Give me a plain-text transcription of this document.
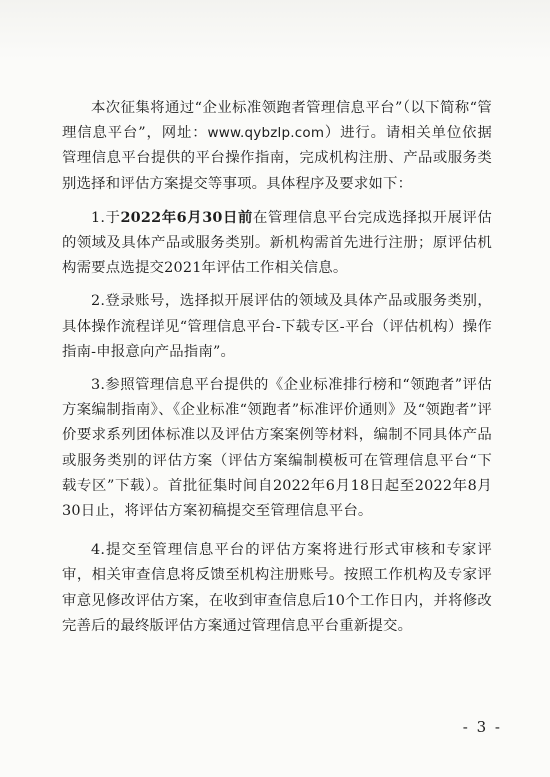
本次征集将通过“企业标准领跑者管理信息平台”（以下简称“管理信息平台”，网址：www.qybzlp.com）进行。请相关单位依据管理信息平台提供的平台操作指南，完成机构注册、产品或服务类别选择和评估方案提交等事项。具体程序及要求如下：

1.于2022年6月30日前在管理信息平台完成选择拟开展评估的领域及具体产品或服务类别。新机构需首先进行注册；原评估机构需要点选提交2021年评估工作相关信息。

2.登录账号，选择拟开展评估的领域及具体产品或服务类别，具体操作流程详见“管理信息平台-下载专区-平台（评估机构）操作指南-申报意向产品指南”。

3.参照管理信息平台提供的《企业标准排行榜和“领跑者”评估方案编制指南》、《企业标准“领跑者”标准评价通则》及“领跑者”评价要求系列团体标准以及评估方案案例等材料，编制不同具体产品或服务类别的评估方案（评估方案编制模板可在管理信息平台“下载专区”下载）。首批征集时间自2022年6月18日起至2022年8月30日止，将评估方案初稿提交至管理信息平台。

4.提交至管理信息平台的评估方案将进行形式审核和专家评审，相关审查信息将反馈至机构注册账号。按照工作机构及专家评审意见修改评估方案，在收到审查信息后10个工作日内，并将修改完善后的最终版评估方案通过管理信息平台重新提交。

- 3 -
